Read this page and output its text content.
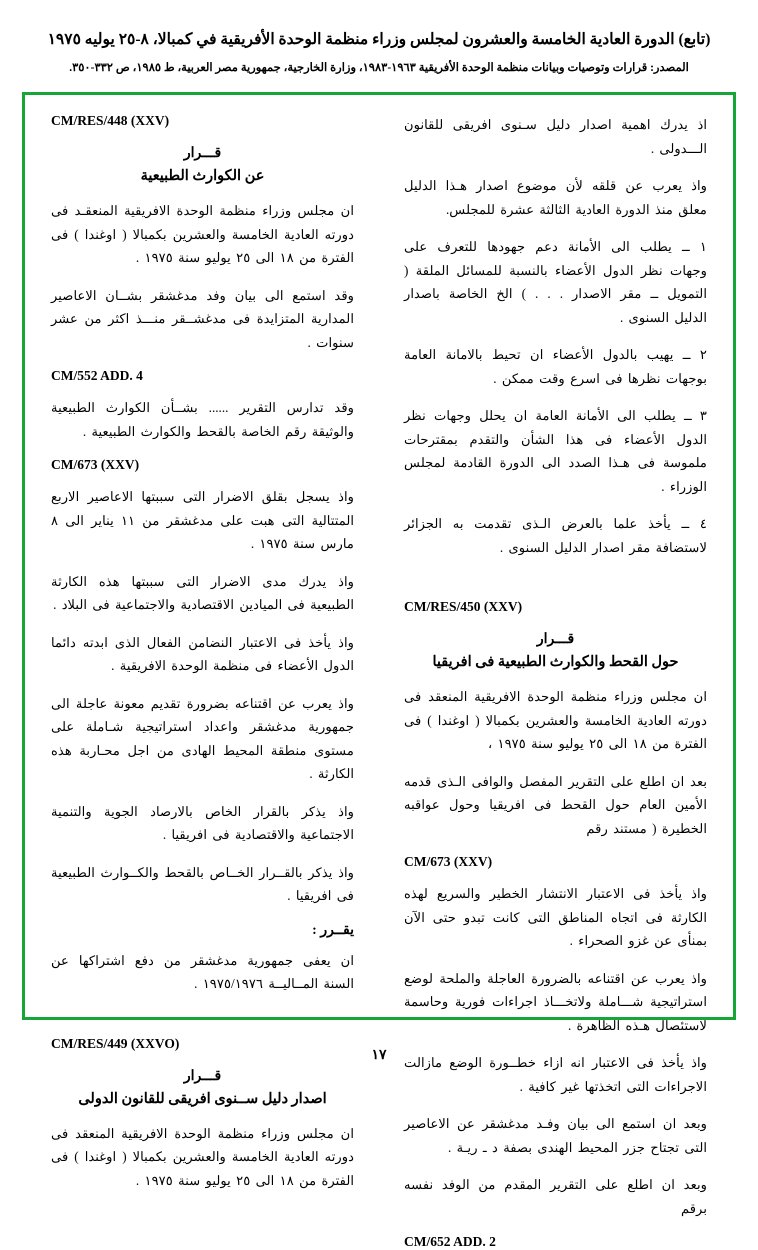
(تابع) الدورة العادية الخامسة والعشرون لمجلس وزراء منظمة الوحدة الأفريقية في كمبالا، ٨-٢٥ يوليه ١٩٧٥
المصدر: قرارات وتوصيات وبيانات منظمة الوحدة الأفريقية ١٩٦٣-١٩٨٣، وزارة الخارجية، جمهورية مصر العربية، ط ١٩٨٥، ص ٣٣٢-٣٥٠.

اذ يدرك اهمية اصدار دليل سـنوى افريقى للقانون الـــدولى .

واذ يعرب عن قلقه لأن موضوع اصدار هـذا الدليل معلق منذ الدورة العادية الثالثة عشرة للمجلس.

١ ــ يطلب الى الأمانة دعم جهودها للتعرف على وجهات نظر الدول الأعضاء بالنسبة للمسائل الملقة ( التمويل ــ مقر الاصدار . . . ) الخ الخاصة باصدار الدليل السنوى .

٢ ــ يهيب بالدول الأعضاء ان تحيط بالامانة العامة بوجهات نظرها فى اسرع وقت ممكن .

٣ ــ يطلب الى الأمانة العامة ان يحلل وجهات نظر الدول الأعضاء فى هذا الشأن والتقدم بمقترحات ملموسة فى هـذا الصدد الى الدورة القادمة لمجلس الوزراء .

٤ ــ يأخذ علما بالعرض الـذى تقدمت به الجزائر لاستضافة مقر اصدار الدليل السنوى .

CM/RES/450 (XXV)
قـــرار
حول القحط والكوارث الطبيعية فى افريقيا

ان مجلس وزراء منظمة الوحدة الافريقية المنعقد فى دورته العادية الخامسة والعشرين بكمبالا ( اوغندا ) فى الفترة من ١٨ الى ٢٥ يوليو سنة ١٩٧٥ ،

بعد ان اطلع على التقرير المفصل والوافى الـذى قدمه الأمين العام حول القحط فى افريقيا وحول عواقبه الخطيرة ( مستند رقم

CM/673 (XXV)

واذ يأخذ فى الاعتبار الانتشار الخطير والسريع لهذه الكارثة فى اتجاه المناطق التى كانت تبدو حتى الآن بمنأى عن غزو الصحراء .

واذ يعرب عن اقتناعه بالضرورة العاجلة والملحة لوضع استراتيجية شـــاملة ولاتخـــاذ اجراءات فورية وحاسمة لاستئصال هـذه الظاهرة .

واذ يأخذ فى الاعتبار انه ازاء خطــورة الوضع مازالت الاجراءات التى اتخذتها غير كافية .

وبعد ان استمع الى بيان وفـد مدغشقر عن الاعاصير التى تجتاح جزر المحيط الهندى بصفة د ـ ريـة .

وبعد ان اطلع على التقرير المقدم من الوفد نفسه برقم

CM/652 ADD. 2
CM/RES/448 (XXV)
قـــرار
عن الكوارث الطبيعية

ان مجلس وزراء منظمة الوحدة الافريقية المنعقـد فى دورته العادية الخامسة والعشرين بكمبالا ( اوغندا ) فى الفترة من ١٨ الى ٢٥ يوليو سنة ١٩٧٥ .

وقد استمع الى بيان وفد مدغشقر بشــان الاعاصير المدارية المتزايدة فى مدغشــقر منـــذ اكثر من عشر سنوات .

CM/552 ADD. 4

وقد تدارس التقرير ...... بشــأن الكوارث الطبيعية والوثيقة رقم الخاصة بالقحط والكوارث الطبيعية .

CM/673 (XXV)

واذ يسجل بقلق الاضرار التى سببتها الاعاصير الاربع المتتالية التى هبت على مدغشقر من ١١ يناير الى ٨ مارس سنة ١٩٧٥ .

واذ يدرك مدى الاضرار التى سببتها هذه الكارثة الطبيعية فى الميادين الاقتصادية والاجتماعية فى البلاد .

واذ يأخذ فى الاعتبار النضامن الفعال الذى ابدته دائما الدول الأعضاء فى منظمة الوحدة الافريقية .

واذ يعرب عن اقتناعه بضرورة تقديم معونة عاجلة الى جمهورية مدغشقر واعداد استراتيجية شـاملة على مستوى منطقة المحيط الهادى من اجل محـاربة هذه الكارثة .

واذ يذكر بالقرار الخاص بالارصاد الجوية والتنمية الاجتماعية والاقتصادية فى افريقيا .

واذ يذكر بالقــرار الخــاص بالقحط والكــوارث الطبيعية فى افريقيا .

يقــرر :

ان يعفى جمهورية مدغشقر من دفع اشتراكها عن السنة المــاليــة ١٩٧٥/١٩٧٦ .

CM/RES/449 (XXVO)
قـــرار
اصدار دليل ســنوى افريقى للقانون الدولى

ان مجلس وزراء منظمة الوحدة الافريقية المنعقد فى دورته العادية الخامسة والعشرين بكمبالا ( اوغندا ) فى الفترة من ١٨ الى ٢٥ يوليو سنة ١٩٧٥ .

١٧
